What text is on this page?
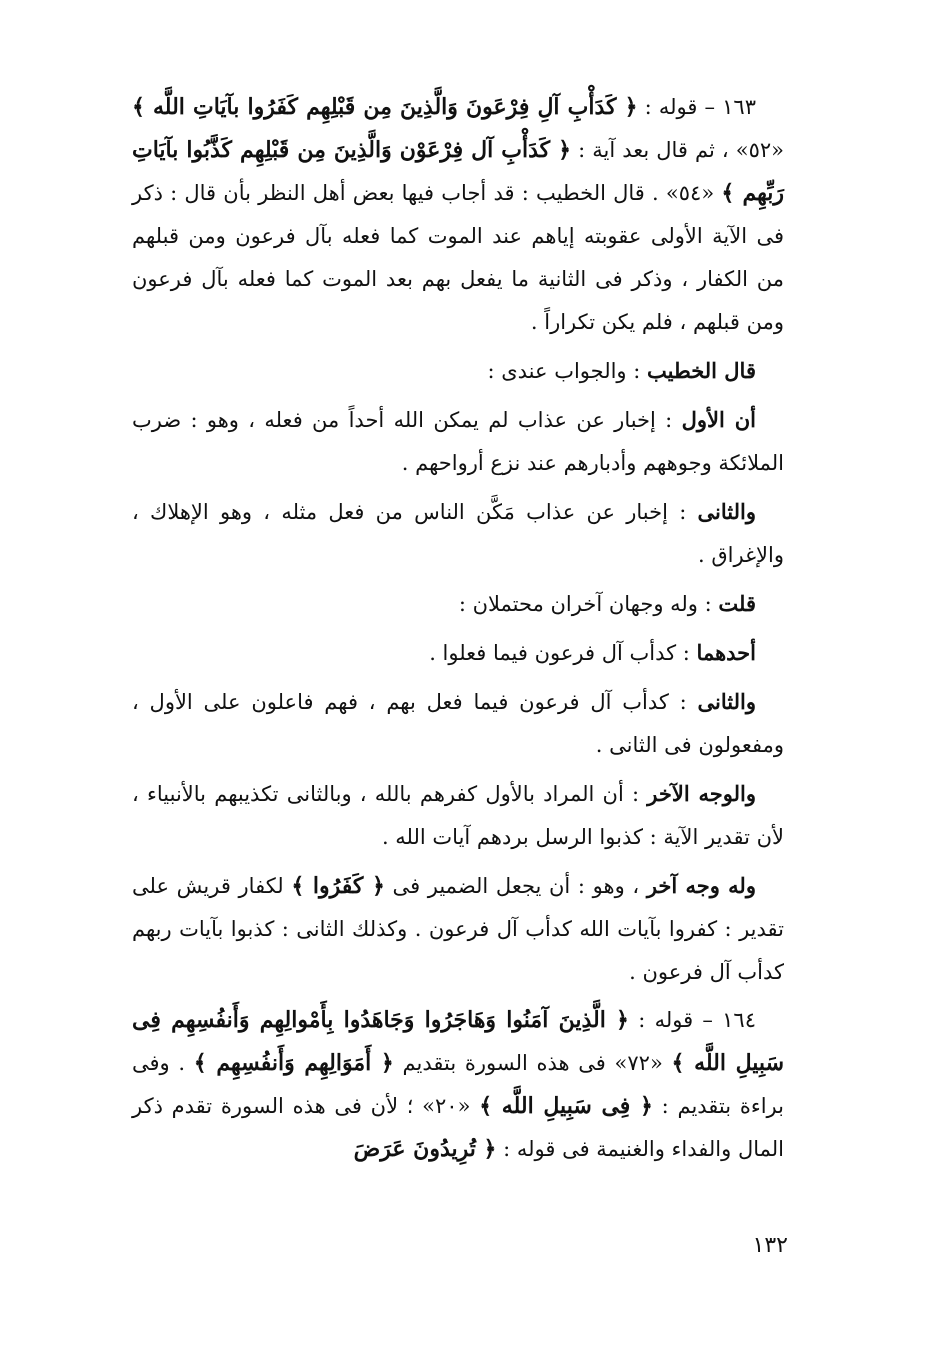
١٦٣ – قوله : ﴿ كَدَأْبِ آلِ فِرْعَونَ وَالَّذِينَ مِن قَبْلِهِم كَفَرُوا بآيَاتِ اللَّه ﴾ «٥٢» ، ثم قال بعد آية : ﴿ كَدَأْبِ آل فِرْعَوْن وَالَّذِينَ مِن قَبْلِهِم كَذَّبُوا بآيَاتِ رَبِّهِم ﴾ «٥٤» . قال الخطيب : قد أجاب فيها بعض أهل النظر بأن قال : ذكر فى الآية الأولى عقوبته إياهم عند الموت كما فعله بآل فرعون ومن قبلهم من الكفار ، وذكر فى الثانية ما يفعل بهم بعد الموت كما فعله بآل فرعون ومن قبلهم ، فلم يكن تكراراً .

قال الخطيب : والجواب عندى :

أن الأول : إخبار عن عذاب لم يمكن الله أحداً من فعله ، وهو : ضرب الملائكة وجوههم وأدبارهم عند نزع أرواحهم .

والثانى : إخبار عن عذاب مَكَّن الناس من فعل مثله ، وهو الإهلاك ، والإغراق .

قلت : وله وجهان آخران محتملان :

أحدهما : كدأب آل فرعون فيما فعلوا .

والثانى : كدأب آل فرعون فيما فعل بهم ، فهم فاعلون على الأول ، ومفعولون فى الثانى .

والوجه الآخر : أن المراد بالأول كفرهم بالله ، وبالثانى تكذيبهم بالأنبياء ، لأن تقدير الآية : كذبوا الرسل بردهم آيات الله .

وله وجه آخر ، وهو : أن يجعل الضمير فى ﴿ كَفَرُوا ﴾ لكفار قريش على تقدير : كفروا بآيات الله كدأب آل فرعون . وكذلك الثانى : كذبوا بآيات ربهم كدأب آل فرعون .

١٦٤ – قوله : ﴿ الَّذِينَ آمَنُوا وَهَاجَرُوا وَجَاهَدُوا بِأَمْوالِهِم وَأَنفُسِهِم فِى سَبِيلِ اللَّه ﴾ «٧٢» فى هذه السورة بتقديم ﴿ أَمَوَالِهِم وَأَنفُسِهِم ﴾ . وفى براءة بتقديم : ﴿ فِى سَبِيلِ اللَّه ﴾ «٢٠» ؛ لأن فى هذه السورة تقدم ذكر المال والفداء والغنيمة فى قوله : ﴿ تُرِيدُونَ عَرَضَ

١٣٢
